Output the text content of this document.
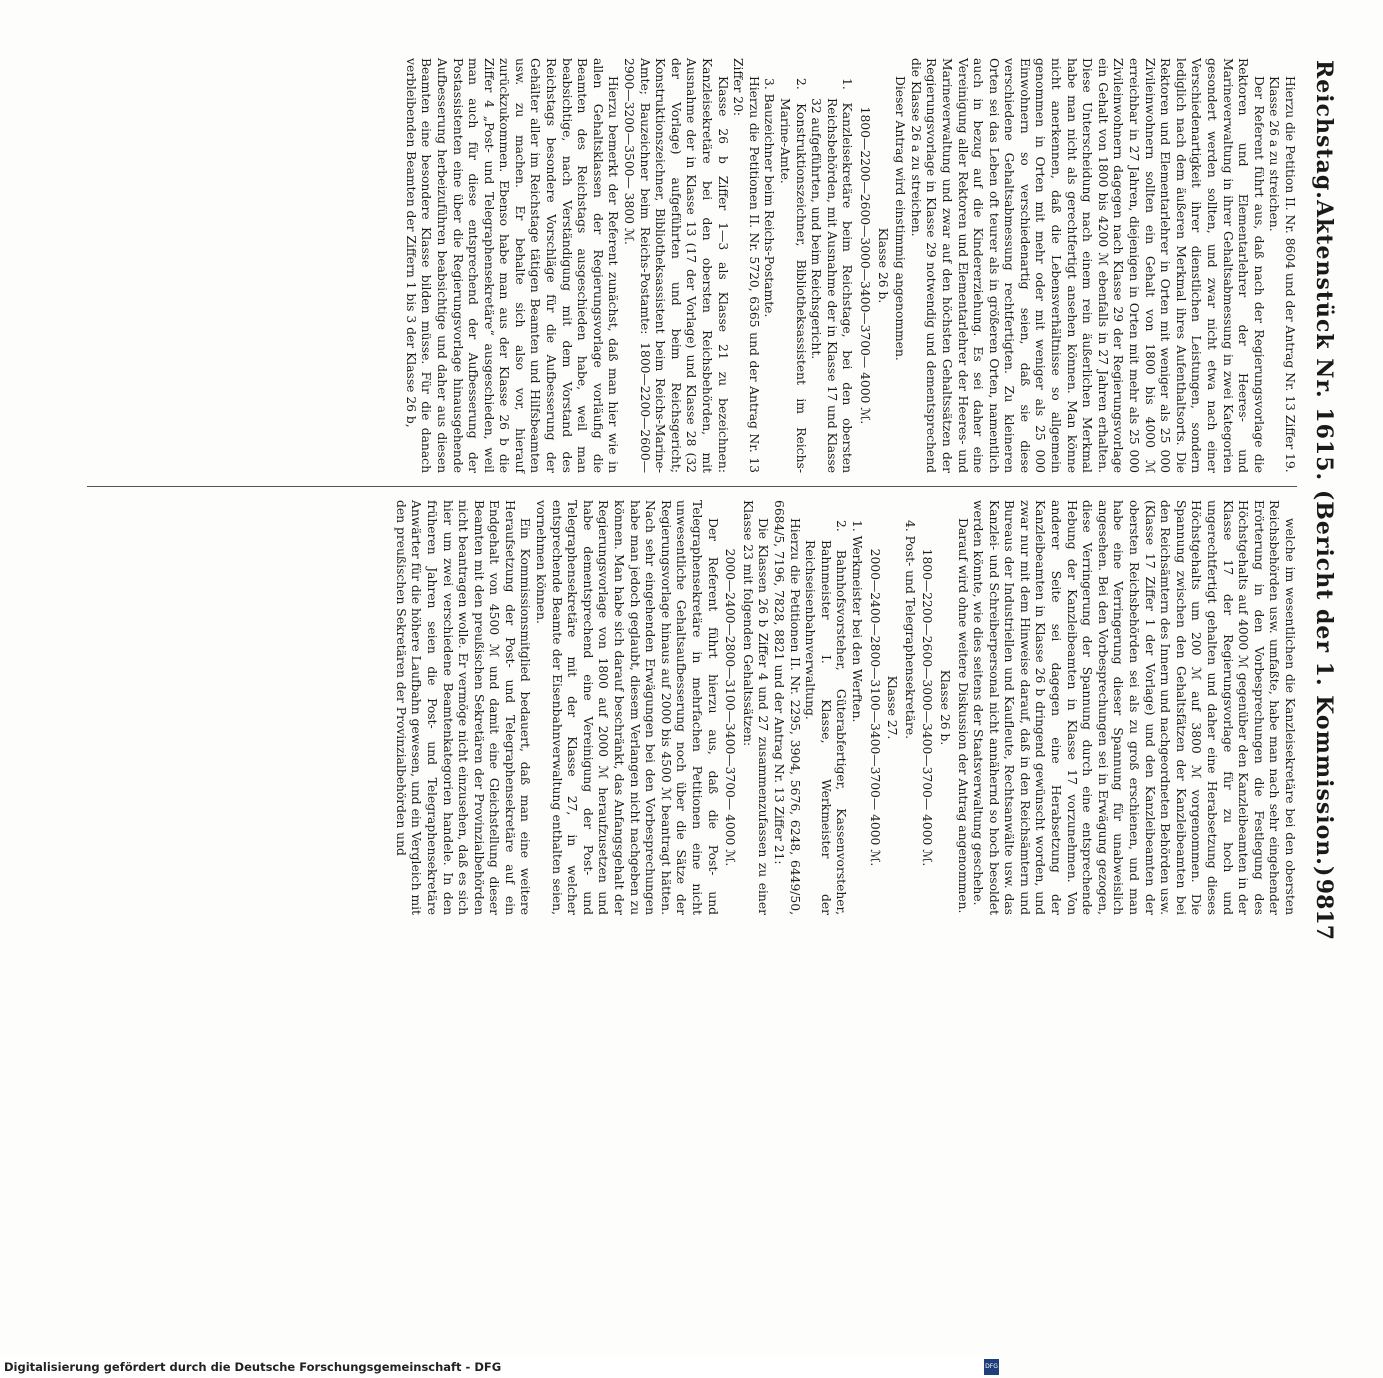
Reichstag.
Aktenstück Nr. 1615. (Bericht der 1. Kommission.)
9817

Hierzu die Petition II. Nr. 8604 und der Antrag Nr. 13 Ziffer 19.

Klasse 26 a zu streichen.

Der Referent führt aus, daß nach der Regierungsvorlage die Rektoren und Elementarlehrer der Heeres- und Marineverwaltung in ihrer Gehaltsabmessung in zwei Kategorien gesondert werden sollten, und zwar nicht etwa nach einer Verschiedenartigkeit ihrer dienstlichen Leistungen, sondern lediglich nach dem äußeren Merkmal ihres Aufenthaltsorts. Die Rektoren und Elementarlehrer in Orten mit weniger als 25 000 Zivileinwohnern sollten ein Gehalt von 1800 bis 4000 ℳ erreichbar in 27 Jahren, diejenigen in Orten mit mehr als 25 000 Zivileinwohnern dagegen nach Klasse 29 der Regierungsvorlage ein Gehalt von 1800 bis 4200 ℳ ebenfalls in 27 Jahren erhalten. Diese Unterscheidung nach einem rein äußerlichen Merkmal habe man nicht als gerechtfertigt ansehen können. Man könne nicht anerkennen, daß die Lebensverhältnisse so allgemein genommen in Orten mit mehr oder mit weniger als 25 000 Einwohnern so verschiedenartig seien, daß sie diese verschiedene Gehaltsabmessung rechtfertigten. Zu kleineren Orten sei das Leben oft teurer als in größeren Orten, namentlich auch in bezug auf die Kindererziehung. Es sei daher eine Vereinigung aller Rektoren und Elementarlehrer der Heeres- und Marineverwaltung und zwar auf den höchsten Gehaltssätzen der Regierungsvorlage in Klasse 29 notwendig und dementsprechend die Klasse 26 a zu streichen.

Dieser Antrag wird einstimmig angenommen.

Klasse 26 b.

1800—2200—2600—3000—3400—3700— 4000 ℳ.

1. Kanzleisekretäre beim Reichstage, bei den obersten Reichsbehörden, mit Ausnahme der in Klasse 17 und Klasse 32 aufgeführten, und beim Reichsgericht.

2. Konstruktionszeichner, Bibliotheksassistent im Reichs-Marine-Amte.

3. Bauzeichner beim Reichs-Postamte.

Hierzu die Petitionen II. Nr. 5720, 6365 und der Antrag Nr. 13 Ziffer 20:

Klasse 26 b Ziffer 1—3 als Klasse 21 zu bezeichnen: Kanzleisekretäre bei den obersten Reichsbehörden, mit Ausnahme der in Klasse 13 (17 der Vorlage) und Klasse 28 (32 der Vorlage) aufgeführten und beim Reichsgericht; Konstruktionszeichner, Bibliotheksassistent beim Reichs-Marine-Amte; Bauzeichner beim Reichs-Postamte: 1800—2200—2600—2900—3200—3500— 3800 ℳ.

Hierzu bemerkt der Referent zunächst, daß man hier wie in allen Gehaltsklassen der Regierungsvorlage vorläufig die Beamten des Reichstags ausgeschieden habe, weil man beabsichtige, nach Verständigung mit dem Vorstand des Reichstags besondere Vorschläge für die Aufbesserung der Gehälter aller im Reichstage tätigen Beamten und Hilfsbeamten usw. zu machen. Er behalte sich also vor, hierauf zurückzukommen. Ebenso habe man aus der Klasse 26 b die Ziffer 4 „Post- und Telegraphensekretäre“ ausgeschieden, weil man auch für diese entsprechend der Aufbesserung der Postassistenten eine über die Regierungsvorlage hinausgehende Aufbesserung herbeizuführen beabsichtige und daher aus diesen Beamten eine besondere Klasse bilden müsse. Für die danach verbleibenden Beamten der Ziffern 1 bis 3 der Klasse 26 b,

welche im wesentlichen die Kanzleisekretäre bei den obersten Reichsbehörden usw. umfaßte, habe man nach sehr eingehender Erörterung in den Vorbesprechungen die Festlegung des Höchstgehalts auf 4000 ℳ gegenüber den Kanzleibeamten in der Klasse 17 der Regierungsvorlage für zu hoch und ungerechtfertigt gehalten und daher eine Herabsetzung dieses Höchstgehalts um 200 ℳ auf 3800 ℳ vorgenommen. Die Spannung zwischen den Gehaltsfätzen der Kanzleibeamten bei den Reichsämtern des Innern und nachgeordneten Behörden usw. (Klasse 17 Ziffer 1 der Vorlage) und den Kanzleibeamten der obersten Reichsbehörden sei als zu groß erschienen, und man habe eine Verringerung dieser Spannung für unabweislich angesehen. Bei den Vorbesprechungen sei in Erwägung gezogen, diese Verringerung der Spannung durch eine entsprechende Hebung der Kanzleibeamten in Klasse 17 vorzunehmen. Von anderer Seite sei dagegen eine Herabsetzung der Kanzleibeamten in Klasse 26 b dringend gewünscht worden, und zwar nur mit dem Hinweise darauf, daß in den Reichsämtern und Bureaus der Industriellen und Kaufleute, Rechtsanwälte usw. das Kanzlei- und Schreiberpersonal nicht annähernd so hoch besoldet werden könnte, wie dies seitens der Staatsverwaltung geschehe.

Darauf wird ohne weitere Diskussion der Antrag angenommen.

Klasse 26 b.

1800—2200—2600—3000—3400—3700— 4000 ℳ.

4. Post- und Telegraphensekretäre.

Klasse 27.

2000—2400—2800—3100—3400—3700— 4000 ℳ.

1. Werkmeister bei den Werften.

2. Bahnhofsvorsteher, Güterabfertiger, Kassenvorsteher, Bahnmeister I. Klasse, Werkmeister der Reichseisenbahnverwaltung.

Hierzu die Petitionen II. Nr. 2295, 3904, 5676, 6248, 6449/50, 6684/5, 7196, 7828, 8821 und der Antrag Nr. 13 Ziffer 21:

Die Klassen 26 b Ziffer 4 und 27 zusammenzufassen zu einer Klasse 23 mit folgenden Gehaltssätzen:

2000—2400—2800—3100—3400—3700— 4000 ℳ.

Der Referent führt hierzu aus, daß die Post- und Telegraphensekretäre in mehrfachen Petitionen eine nicht unwesentliche Gehaltsaufbesserung noch über die Sätze der Regierungsvorlage hinaus auf 2000 bis 4500 ℳ beantragt hätten. Nach sehr eingehenden Erwägungen bei den Vorbesprechungen habe man jedoch geglaubt, diesem Verlangen nicht nachgeben zu können. Man habe sich darauf beschränkt, das Anfangsgehalt der Regierungsvorlage von 1800 auf 2000 ℳ heraufzusetzen und habe dementsprechend eine Vereinigung der Post- und Telegraphensekretäre mit der Klasse 27, in welcher entsprechende Beamte der Eisenbahnverwaltung enthalten seien, vornehmen können.

Ein Kommissionsmitglied bedauert, daß man eine weitere Heraufsetzung der Post- und Telegraphensekretäre auf ein Endgehalt von 4500 ℳ und damit eine Gleichstellung dieser Beamten mit den preußischen Sekretären der Provinzialbehörden nicht beantragen wolle. Er vermöge nicht einzusehen, daß es sich hier um zwei verschiedene Beamtenkategorien handele. In den früheren Jahren seien die Post- und Telegraphensekretäre Anwärter für die höhere Laufbahn gewesen, und ein Vergleich mit den preußischen Sekretären der Provinzialbehörden und

Digitalisierung gefördert durch die Deutsche Forschungsgemeinschaft - DFG	DFG
